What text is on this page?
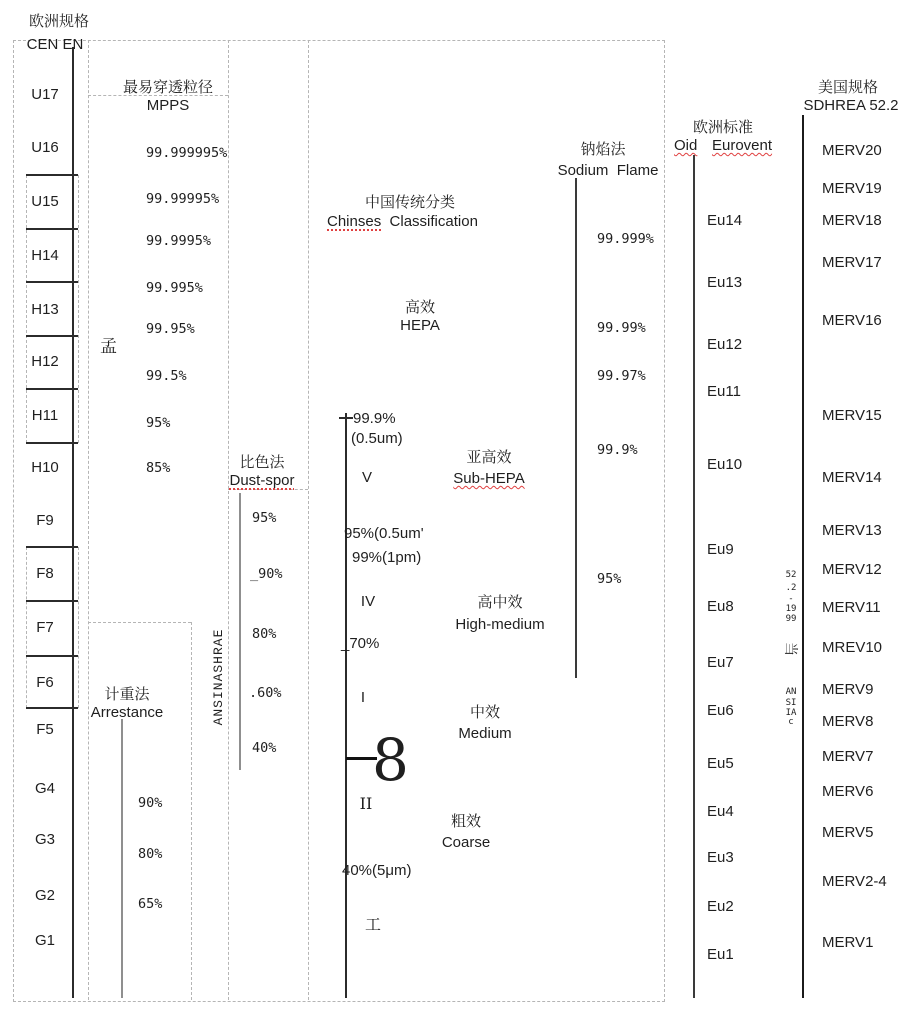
欧洲规格
CEN EN
U17
U16
U15
H14
H13
H12
H11
H10
F9
F8
F7
F6
F5
G4
G3
G2
G1
最易穿透粒径
MPPS
99.999995%
99.99995%
99.9995%
99.995%
99.95%
99.5%
95%
85%
孟
比色法
Dust-spor
95%
_90%
80%
.60%
40%
计重法
Arrestance
90%
80%
65%
ANSINASHRAE
中国传统分类
Chinses Classification
高效
HEPA
亚高效
Sub-HEPA
高中效
High-medium
中效
Medium
粗效
Coarse
99.9%
(0.5um)
V
95%(0.5um'
99%(1pm)
IV
_70%
I
8
II
40%(5μm)
工
钠焰法
Sodium  Flame
99.999%
99.99%
99.97%
99.9%
95%
欧洲标准
Oid Eurovent
Eu14
Eu13
Eu12
Eu11
Eu10
Eu9
Eu8
Eu7
Eu6
Eu5
Eu4
Eu3
Eu2
Eu1
美国规格
SDHREA 52.2
MERV20
MERV19
MERV18
MERV17
MERV16
MERV15
MERV14
MERV13
MERV12
MERV11
MREV10
MERV9
MERV8
MERV7
MERV6
MERV5
MERV2-4
MERV1
52
.2
-
19
99
当
AN
SI
IA
c
